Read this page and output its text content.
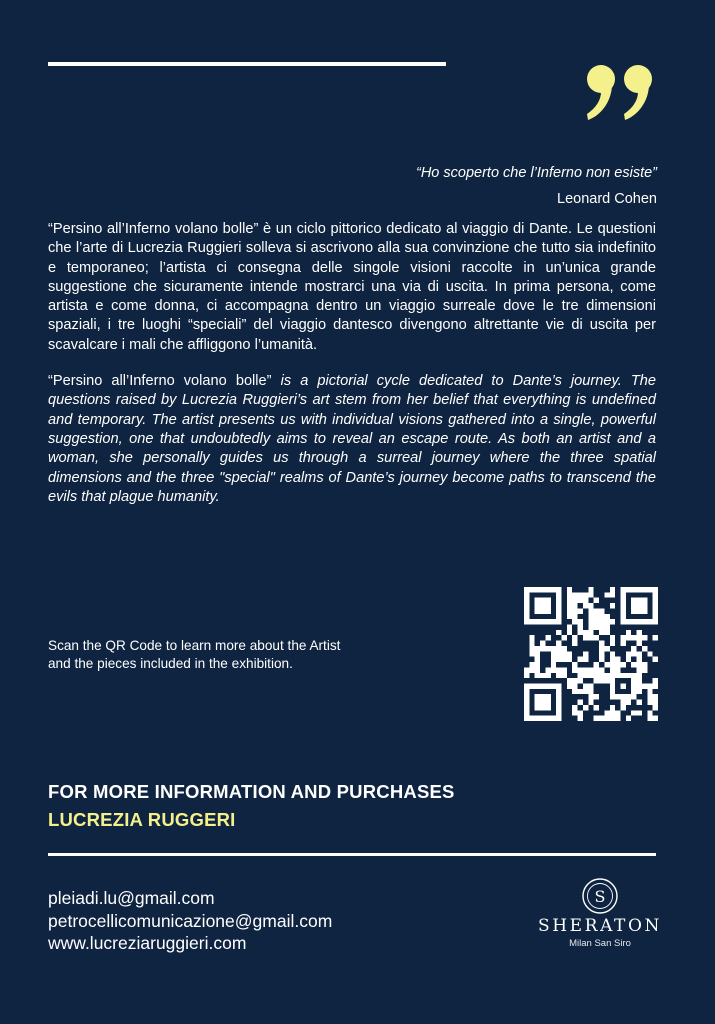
“Ho scoperto che l’Inferno non esiste”
Leonard Cohen

“Persino all’Inferno volano bolle” è un ciclo pittorico dedicato al viaggio di Dante. Le questioni che l’arte di Lucrezia Ruggieri solleva si ascrivono alla sua convinzione che tutto sia indefinito e temporaneo; l’artista ci consegna delle singole visioni raccolte in un’unica grande suggestione che sicuramente intende mostrarci una via di uscita. In prima persona, come artista e come donna, ci accompagna dentro un viaggio surreale dove le tre dimensioni spaziali, i tre luoghi “speciali” del viaggio dantesco divengono altrettante vie di uscita per scavalcare i mali che affliggono l’umanità.

“Persino all’Inferno volano bolle” is a pictorial cycle dedicated to Dante’s journey. The questions raised by Lucrezia Ruggieri’s art stem from her belief that everything is undefined and temporary. The artist presents us with individual visions gathered into a single, powerful suggestion, one that undoubtedly aims to reveal an escape route. As both an artist and a woman, she personally guides us through a surreal journey where the three spatial dimensions and the three "special" realms of Dante’s journey become paths to transcend the evils that plague humanity.

Scan the QR Code to learn more about the Artist
and the pieces included in the exhibition.
FOR MORE INFORMATION AND PURCHASES
LUCREZIA RUGGERI
pleiadi.lu@gmail.com
petrocellicomunicazione@gmail.com
www.lucreziaruggieri.com
S
SHERATON
Milan San Siro
